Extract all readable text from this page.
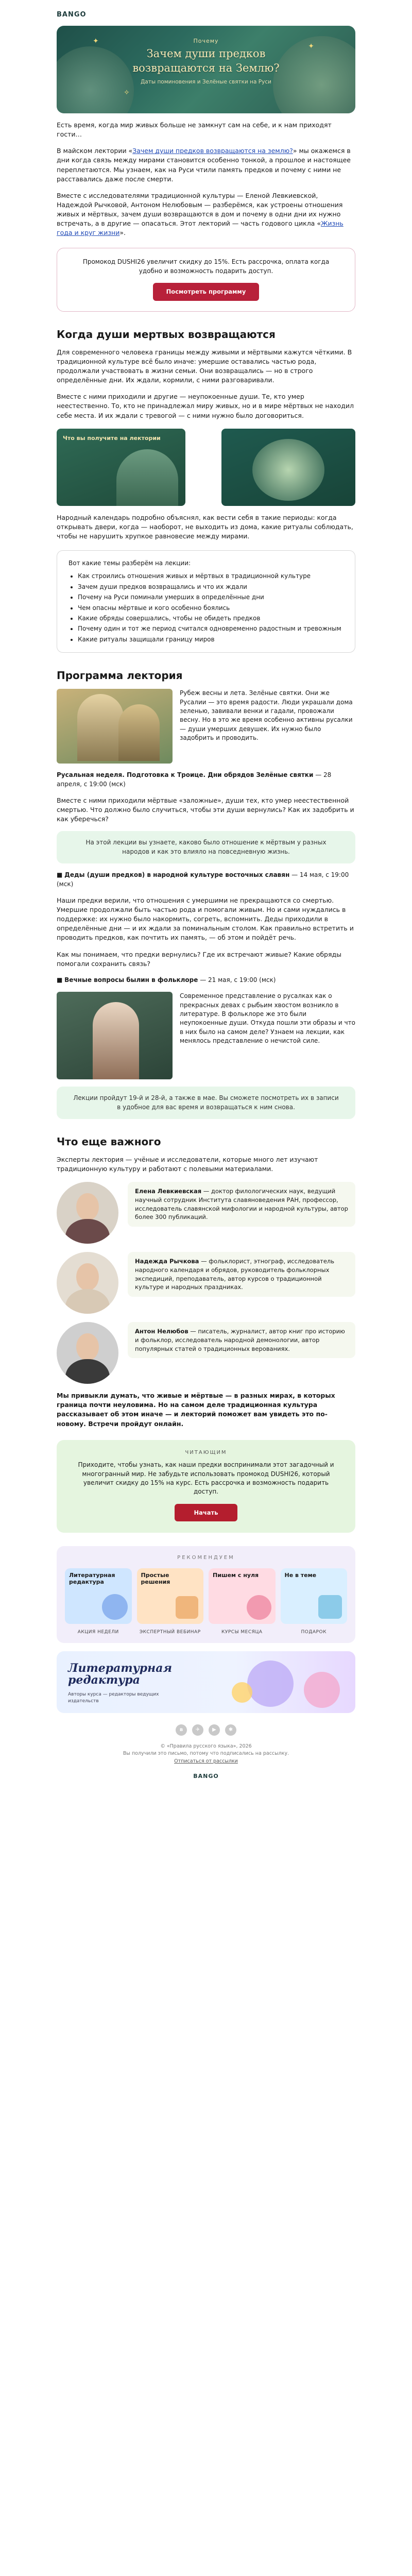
BANGO
✦
✦
✧
Почему
Зачем души предков
возвращаются на Землю?
Даты поминовения и Зелёные святки на Руси

Есть время, когда мир живых больше не замкнут сам на себе, и к нам приходят гости…

В майском лектории «Зачем души предков возвращаются на землю?» мы окажемся в дни когда связь между мирами становится особенно тонкой, а прошлое и настоящее переплетаются. Мы узнаем, как на Руси чтили память предков и почему с ними не расставались даже после смерти.

Вместе с исследователями традиционной культуры — Еленой Левкиевской, Надеждой Рычковой, Антоном Нелюбовым — разберёмся, как устроены отношения живых и мёртвых, зачем души возвращаются в дом и почему в одни дни их нужно встречать, а в другие — опасаться. Этот лекторий — часть годового цикла «Жизнь года и круг жизни».

Промокод DUSHI26 увеличит скидку до 15%. Есть рассрочка, оплата когда удобно и возможность подарить доступ.

Посмотреть программу
Когда души мертвых возвращаются

Для современного человека границы между живыми и мёртвыми кажутся чёткими. В традиционной культуре всё было иначе: умершие оставались частью рода, продолжали участвовать в жизни семьи. Они возвращались — но в строго определённые дни. Их ждали, кормили, с ними разговаривали.

Вместе с ними приходили и другие — неупокоенные души. Те, кто умер неестественно. То, кто не принадлежал миру живых, но и в мире мёртвых не находил себе места. И их ждали с тревогой — с ними нужно было договориться.

Что вы получите на лектории

Народный календарь подробно объяснял, как вести себя в такие периоды: когда открывать двери, когда — наоборот, не выходить из дома, какие ритуалы соблюдать, чтобы не нарушить хрупкое равновесие между мирами.

Вот какие темы разберём на лекции:
• Как строились отношения живых и мёртвых в традиционной культуре
• Зачем души предков возвращались и что их ждали
• Почему на Руси поминали умерших в определённые дни
• Чем опасны мёртвые и кого особенно боялись
• Какие обряды совершались, чтобы не обидеть предков
• Почему один и тот же период считался одновременно радостным и тревожным
• Какие ритуалы защищали границу миров
Программа лектория

Рубеж весны и лета. Зелёные святки. Они же Русалии — это время радости. Люди украшали дома зеленью, завивали венки и гадали, провожали весну. Но в это же время особенно активны русалки — души умерших девушек. Их нужно было задобрить и проводить.

Русальная неделя. Подготовка к Троице. Дни обрядов Зелёные святки — 28 апреля, с 19:00 (мск)

Вместе с ними приходили мёртвые «заложные», души тех, кто умер неестественной смертью. Что должно было случиться, чтобы эти души вернулись? Как их задобрить и как уберечься?

На этой лекции вы узнаете, каково было отношение к мёртвым у разных народов и как это влияло на повседневную жизнь.

■ Деды (души предков) в народной культуре восточных славян — 14 мая, с 19:00 (мск)

Наши предки верили, что отношения с умершими не прекращаются со смертью. Умершие продолжали быть частью рода и помогали живым. Но и сами нуждались в поддержке: их нужно было накормить, согреть, вспомнить. Деды приходили в определённые дни — и их ждали за поминальным столом. Как правильно встретить и проводить предков, как почтить их память, — об этом и пойдёт речь.

Как мы понимаем, что предки вернулись? Где их встречают живые? Какие обряды помогали сохранить связь?

■ Вечные вопросы былин в фольклоре — 21 мая, с 19:00 (мск)

Современное представление о русалках как о прекрасных девах с рыбьим хвостом возникло в литературе. В фольклоре же это были неупокоенные души. Откуда пошли эти образы и что в них было на самом деле? Узнаем на лекции, как менялось представление о нечистой силе.

Лекции пройдут 19-й и 28-й, а также в мае. Вы сможете посмотреть их в записи в удобное для вас время и возвращаться к ним снова.
Что еще важного

Эксперты лектория — учёные и исследователи, которые много лет изучают традиционную культуру и работают с полевыми материалами.

Елена Левкиевская — доктор филологических наук, ведущий научный сотрудник Института славяноведения РАН, профессор, исследователь славянской мифологии и народной культуры, автор более 300 публикаций.
Надежда Рычкова — фольклорист, этнограф, исследователь народного календаря и обрядов, руководитель фольклорных экспедиций, преподаватель, автор курсов о традиционной культуре и народных праздниках.
Антон Нелюбов — писатель, журналист, автор книг про историю и фольклор, исследователь народной демонологии, автор популярных статей о традиционных верованиях.

Мы привыкли думать, что живые и мёртвые — в разных мирах, в которых граница почти неуловима. Но на самом деле традиционная культура рассказывает об этом иначе — и лекторий поможет вам увидеть это по-новому. Встречи пройдут онлайн.

ЧИТАЮЩИМ

Приходите, чтобы узнать, как наши предки воспринимали этот загадочный и многогранный мир. Не забудьте использовать промокод DUSHI26, который увеличит скидку до 15% на курс. Есть рассрочка и возможность подарить доступ.

Начать
РЕКОМЕНДУЕМ
Литературная редактура
Простые решения
Пишем с нуля	Не в теме
АКЦИЯ НЕДЕЛИ	ЭКСПЕРТНЫЙ ВЕБИНАР	КУРСЫ МЕСЯЦА	ПОДАРОК
Литературная
редактура
Авторы курса — редакторы ведущих издательств
в	✈	▶	✱
© «Правила русского языка», 2026
Вы получили это письмо, потому что подписались на рассылку.
Отписаться от рассылки
BANGO
